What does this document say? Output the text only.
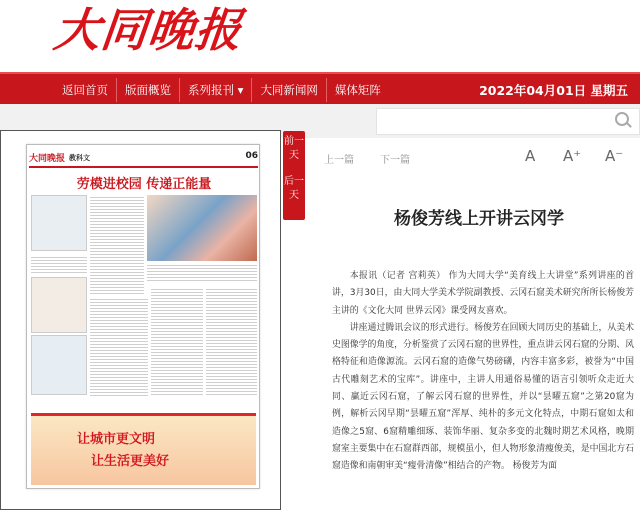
大同晚报
返回首页	版面概览	系列报刊 ▾	大同新闻网	媒体矩阵	2022年04月01日 星期五
大同晚报 教科文	06
劳模进校园 传递正能量
让城市更文明
让生活更美好
前一天
后一天
上一篇	下一篇	A A⁺ A⁻
杨俊芳线上开讲云冈学

本报讯（记者 宫莉英） 作为大同大学“美育线上大讲堂”系列讲座的首讲，3月30日，由大同大学美术学院副教授、云冈石窟美术研究所所长杨俊芳主讲的《文化大同 世界云冈》课受网友喜欢。

讲座通过腾讯会议的形式进行。杨俊芳在回顾大同历史的基础上，从美术史图像学的角度，分析鉴赏了云冈石窟的世界性，重点讲云冈石窟的分期、风格特征和造像源流。云冈石窟的造像气势磅礴，内容丰富多彩，被誉为“中国古代雕刻艺术的宝库”。讲座中，主讲人用通俗易懂的语言引领听众走近大同、赢近云冈石窟，了解云冈石窟的世界性，并以“昙曜五窟”之第20窟为例，解析云冈早期“昙曜五窟”浑厚、纯朴的多元文化特点，中期石窟如太和造像之5窟、6窟精雕细琢、装饰华丽、复杂多变的北魏时期艺术风格，晚期窟室主要集中在石窟群西部，规模虽小，但人物形象清瘦俊美，是中国北方石窟造像和南朝审美“瘦骨清像”相结合的产物。 杨俊芳为面
